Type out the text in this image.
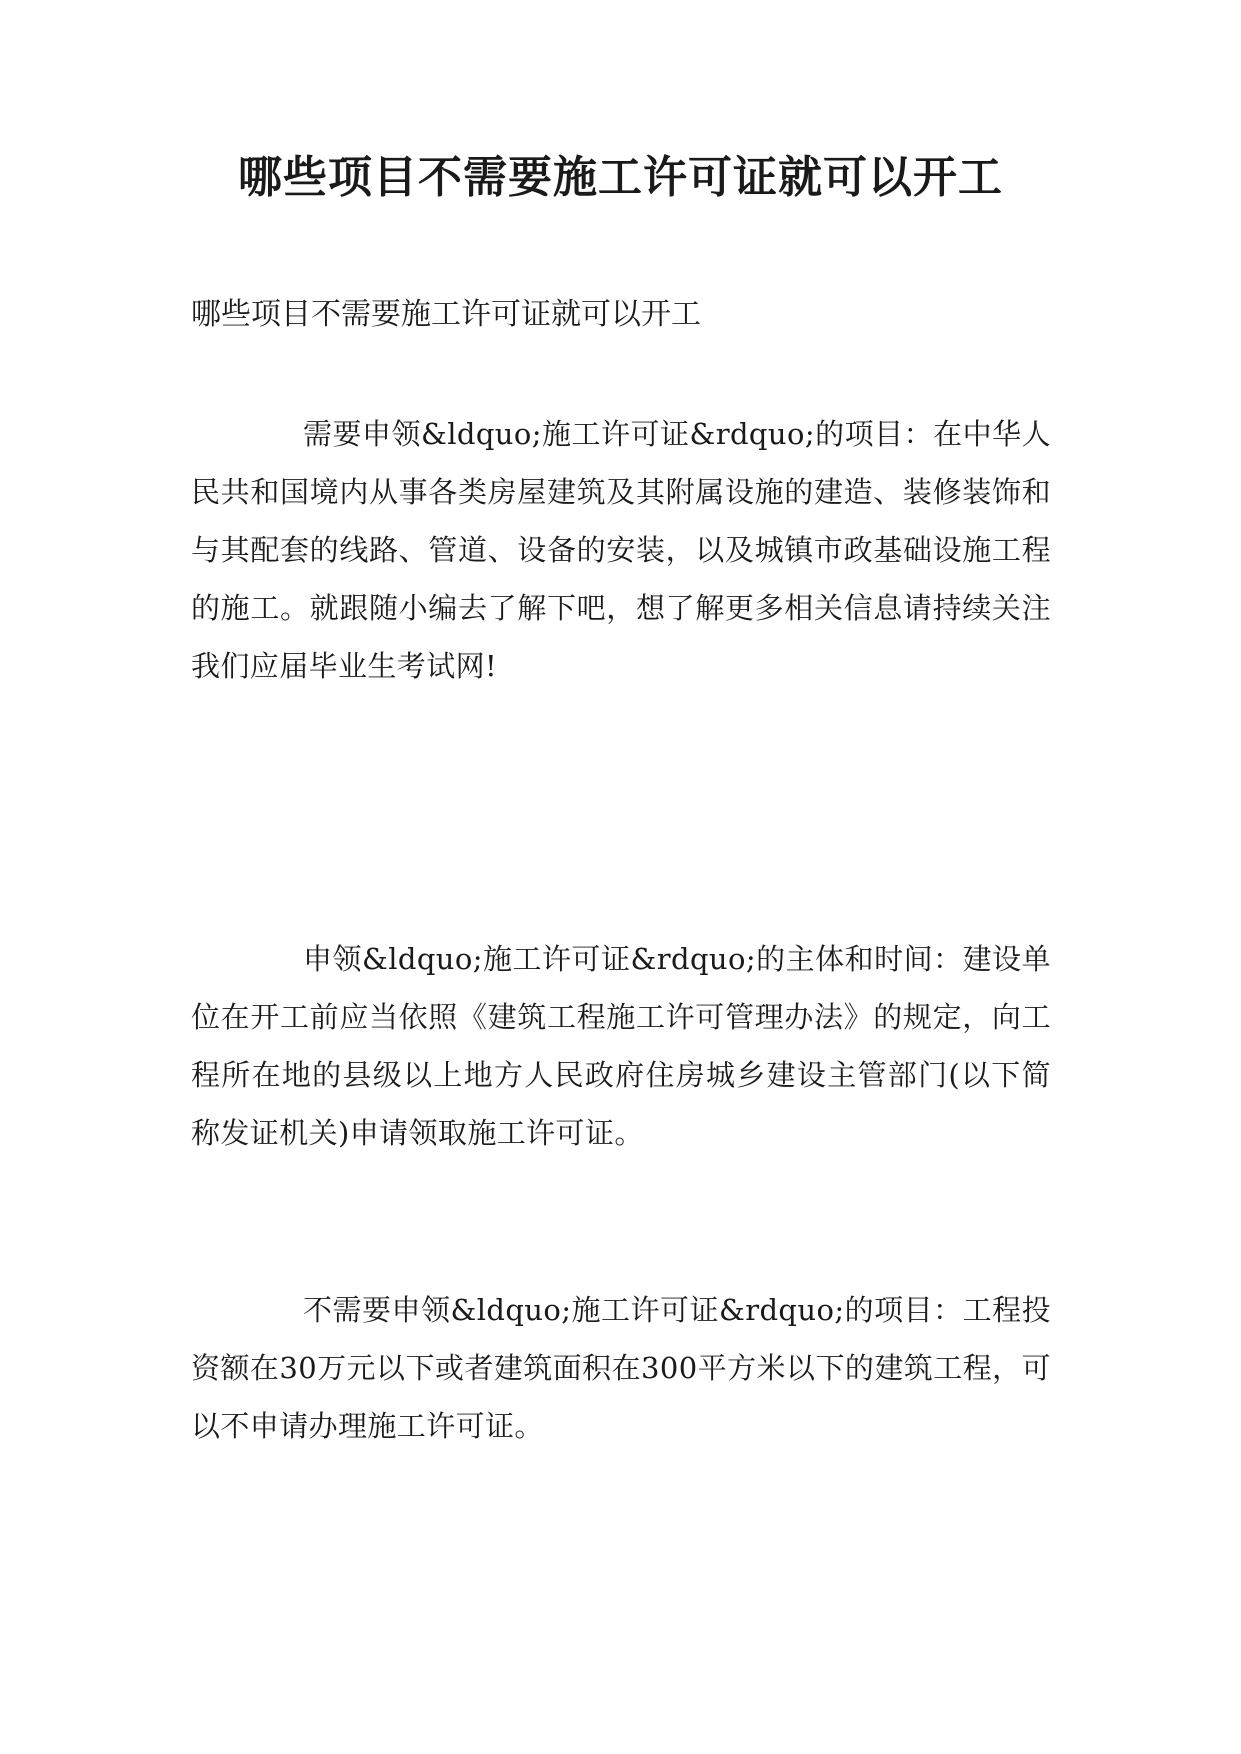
哪些项目不需要施工许可证就可以开工

哪些项目不需要施工许可证就可以开工

需要申领&ldquo;施工许可证&rdquo;的项目：在中华人民共和国境内从事各类房屋建筑及其附属设施的建造、装修装饰和与其配套的线路、管道、设备的安装，以及城镇市政基础设施工程的施工。就跟随小编去了解下吧，想了解更多相关信息请持续关注我们应届毕业生考试网!

申领&ldquo;施工许可证&rdquo;的主体和时间：建设单位在开工前应当依照《建筑工程施工许可管理办法》的规定，向工程所在地的县级以上地方人民政府住房城乡建设主管部门(以下简称发证机关)申请领取施工许可证。

不需要申领&ldquo;施工许可证&rdquo;的项目：工程投资额在30万元以下或者建筑面积在300平方米以下的建筑工程，可以不申请办理施工许可证。
